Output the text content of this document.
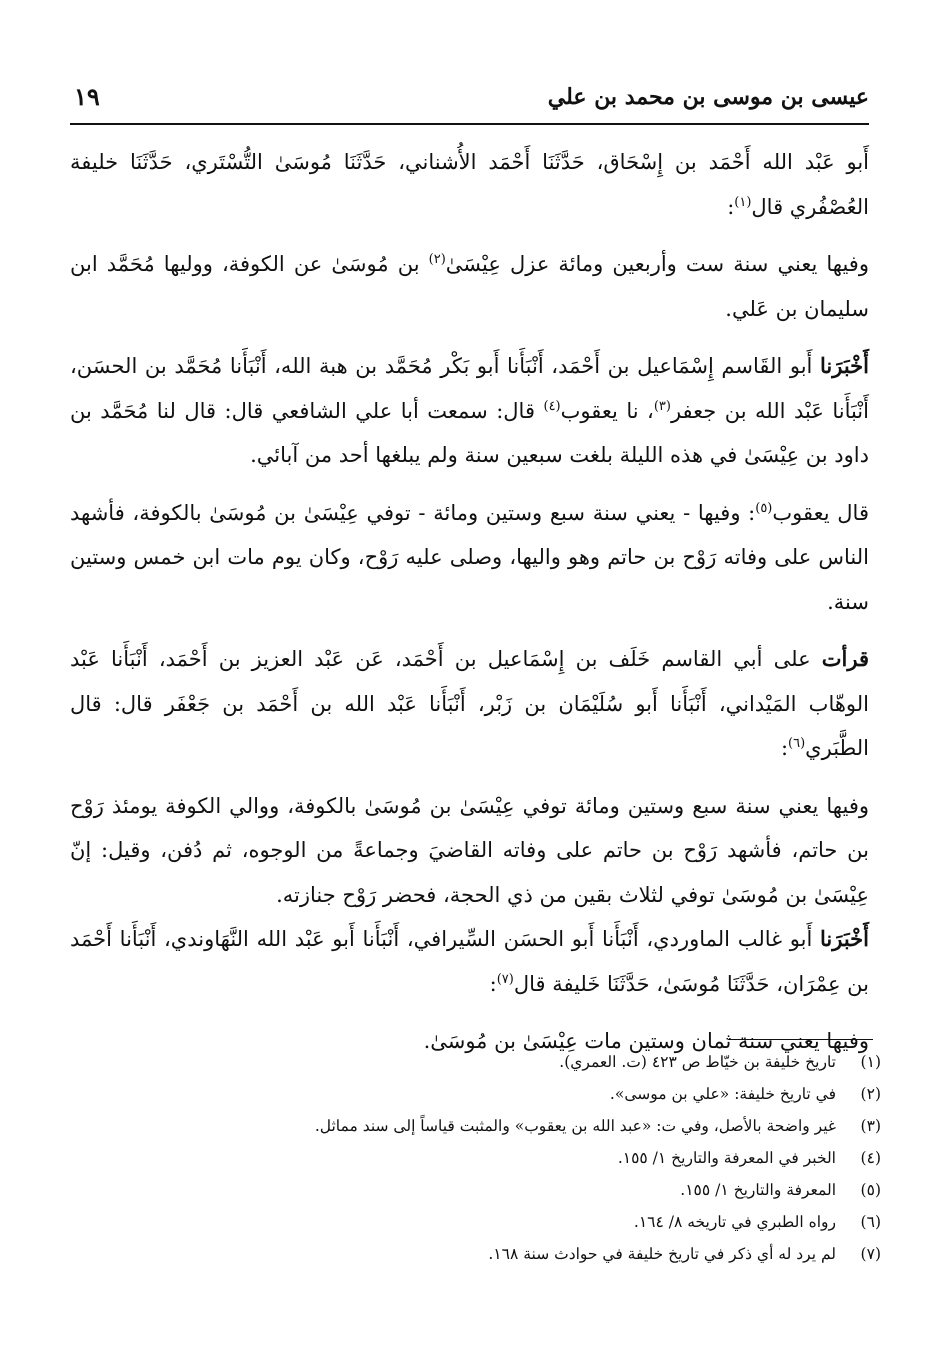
عيسى بن موسى بن محمد بن علي
١٩

أَبو عَبْد الله أَحْمَد بن إِسْحَاق، حَدَّثَنَا أَحْمَد الأُشناني، حَدَّثَنَا مُوسَىٰ التُّسْتَري، حَدَّثَنَا خليفة العُصْفُري قال$^{(١)}$:

وفيها يعني سنة ست وأربعين ومائة عزل عِيْسَىٰ$^{(٢)}$ بن مُوسَىٰ عن الكوفة، ووليها مُحَمَّد ابن سليمان بن عَلي.

أَخْبَرَنا أَبو القَاسم إِسْمَاعيل بن أَحْمَد، أَنْبَأَنا أَبو بَكْر مُحَمَّد بن هبة الله، أَنْبَأَنا مُحَمَّد بن الحسَن، أَنْبَأَنا عَبْد الله بن جعفر$^{(٣)}$، نا يعقوب$^{(٤)}$ قال: سمعت أبا علي الشافعي قال: قال لنا مُحَمَّد بن داود بن عِيْسَىٰ في هذه الليلة بلغت سبعين سنة ولم يبلغها أحد من آبائي.

قال يعقوب$^{(٥)}$: وفيها - يعني سنة سبع وستين ومائة - توفي عِيْسَىٰ بن مُوسَىٰ بالكوفة، فأشهد الناس على وفاته رَوْح بن حاتم وهو واليها، وصلى عليه رَوْح، وكان يوم مات ابن خمس وستين سنة.

قرأت على أبي القاسم خَلَف بن إِسْمَاعيل بن أَحْمَد، عَن عَبْد العزيز بن أَحْمَد، أَنْبَأَنا عَبْد الوهّاب المَيْداني، أَنْبَأَنا أَبو سُلَيْمَان بن زَبْر، أَنْبَأَنا عَبْد الله بن أَحْمَد بن جَعْفَر قال: قال الطَّبَري$^{(٦)}$:

وفيها يعني سنة سبع وستين ومائة توفي عِيْسَىٰ بن مُوسَىٰ بالكوفة، ووالي الكوفة يومئذ رَوْح بن حاتم، فأشهد رَوْح بن حاتم على وفاته القاضيَ وجماعةً من الوجوه، ثم دُفن، وقيل: إنّ عِيْسَىٰ بن مُوسَىٰ توفي لثلاث بقين من ذي الحجة، فحضر رَوْح جنازته.

أَخْبَرَنا أَبو غالب الماوردي، أَنْبَأَنا أَبو الحسَن السِّيرافي، أَنْبَأَنا أَبو عَبْد الله النَّهَاوندي، أَنْبَأَنا أَحْمَد بن عِمْرَان، حَدَّثَنَا مُوسَىٰ، حَدَّثَنَا خَليفة قال$^{(٧)}$:

وفيها يعني سنة ثمان وستين مات عِيْسَىٰ بن مُوسَىٰ.

(١)
تاريخ خليفة بن خيّاط ص ٤٢٣ (ت. العمري).
(٢)
في تاريخ خليفة: «علي بن موسى».
(٣)
غير واضحة بالأصل، وفي ت: «عبد الله بن يعقوب» والمثبت قياساً إلى سند مماثل.
(٤)
الخبر في المعرفة والتاريخ ١/ ١٥٥.
(٥)
المعرفة والتاريخ ١/ ١٥٥.
(٦)
رواه الطبري في تاريخه ٨/ ١٦٤.
(٧)
لم يرد له أي ذكر في تاريخ خليفة في حوادث سنة ١٦٨.
